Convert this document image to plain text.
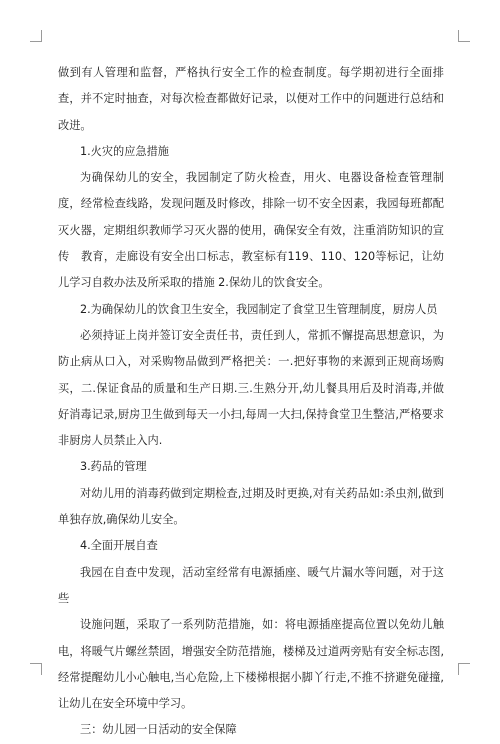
做到有人管理和监督，严格执行安全工作的检查制度。每学期初进行全面排查，并不定时抽查，对每次检查都做好记录，以便对工作中的问题进行总结和改进。

1.火灾的应急措施

为确保幼儿的安全，我园制定了防火检查，用火、电器设备检查管理制　度，经常检查线路，发现问题及时修改，排除一切不安全因素，我园每班都配灭火器，定期组织教师学习灭火器的使用，确保安全有效，注重消防知识的宣传　教育，走廊设有安全出口标志，教室标有119、110、120等标记，让幼儿学习自救办法及所采取的措施 2.保幼儿的饮食安全。

2.为确保幼儿的饮食卫生安全，我园制定了食堂卫生管理制度，厨房人员

必须持证上岗并签订安全责任书，责任到人，常抓不懈提高思想意识，为防止病从口入，对采购物品做到严格把关：一.把好事物的来源到正规商场购买，二.保证食品的质量和生产日期.三.生熟分开,幼儿餐具用后及时消毒,并做好消毒记录,厨房卫生做到每天一小扫,每周一大扫,保持食堂卫生整洁,严格要求非厨房人员禁止入内.

3.药品的管理

对幼儿用的消毒药做到定期检查,过期及时更换,对有关药品如:杀虫剂,做到单独存放,确保幼儿安全。

4.全面开展自查

我园在自查中发现，活动室经常有电源插座、暖气片漏水等问题，对于这些

设施问题，采取了一系列防范措施，如：将电源插座提高位置以免幼儿触电，将暖气片螺丝禁固，增强安全防范措施，楼梯及过道两旁贴有安全标志图,经常提醒幼儿小心触电,当心危险,上下楼梯根据小脚丫行走,不推不挤避免碰撞,让幼儿在安全环境中学习。

三：幼儿园一日活动的安全保障
